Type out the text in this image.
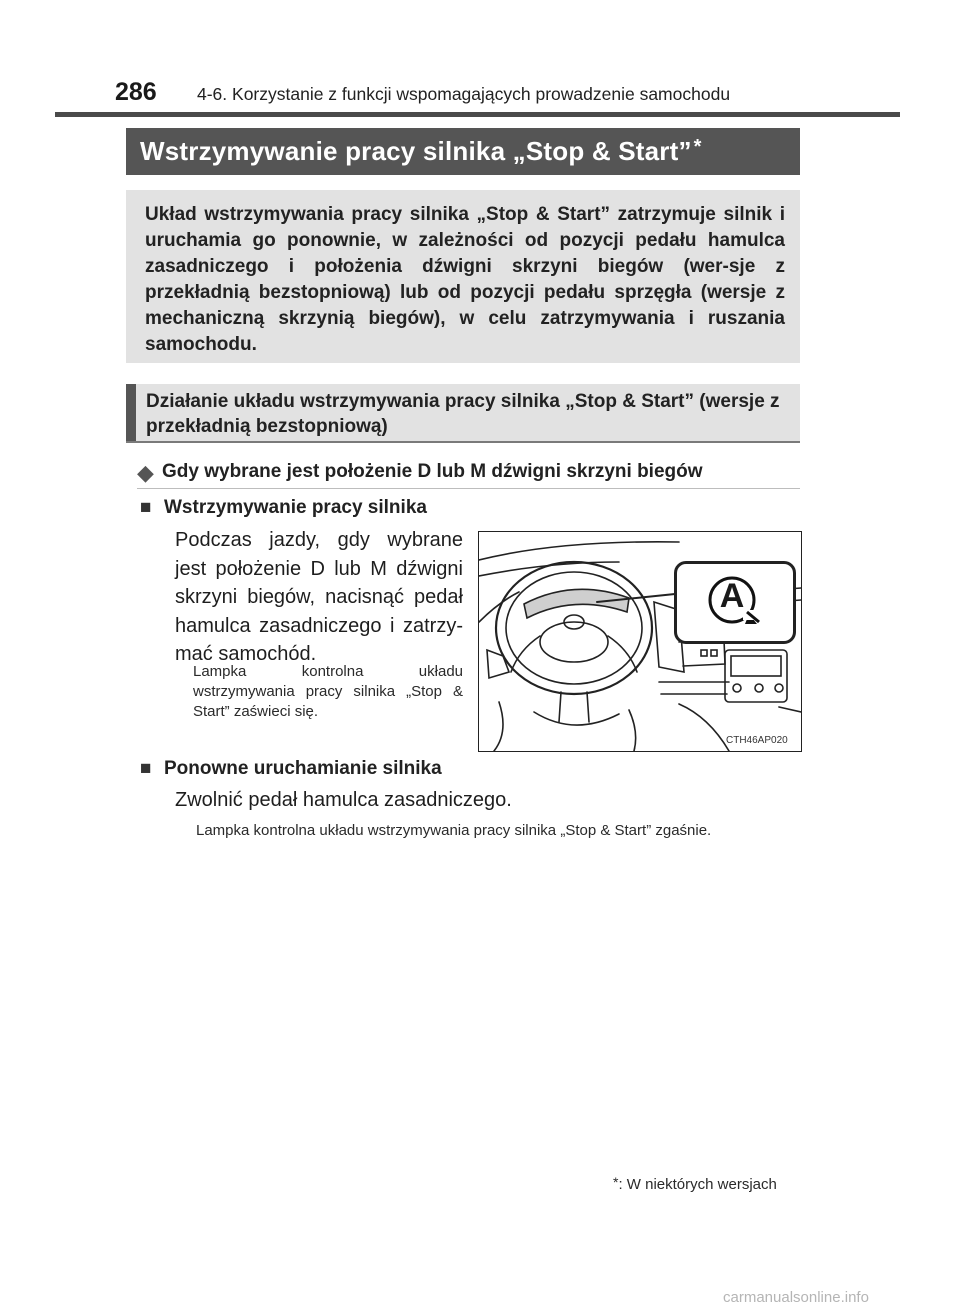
286 4-6. Korzystanie z funkcji wspomagających prowadzenie samochodu
Wstrzymywanie pracy silnika „Stop & Start” *
Układ wstrzymywania pracy silnika „Stop & Start” zatrzymuje silnik i uruchamia go ponownie, w zależności od pozycji pedału hamulca zasadniczego i położenia dźwigni skrzyni biegów (wer-sje z przekładnią bezstopniową) lub od pozycji pedału sprzęgła (wersje z mechaniczną skrzynią biegów), w celu zatrzymywania i ruszania samochodu.
Działanie układu wstrzymywania pracy silnika „Stop & Start” (wersje z przekładnią bezstopniową)
◆ Gdy wybrane jest położenie D lub M dźwigni skrzyni biegów
■ Wstrzymywanie pracy silnika
Podczas jazdy, gdy wybrane jest położenie D lub M dźwigni skrzyni biegów, nacisnąć pedał hamulca zasadniczego i zatrzy-mać samochód.
Lampka kontrolna układu wstrzymywania pracy silnika „Stop & Start” zaświeci się.
A
CTH46AP020
■ Ponowne uruchamianie silnika
Zwolnić pedał hamulca zasadniczego.
Lampka kontrolna układu wstrzymywania pracy silnika „Stop & Start” zgaśnie.
*: W niektórych wersjach
carmanualsonline.info
